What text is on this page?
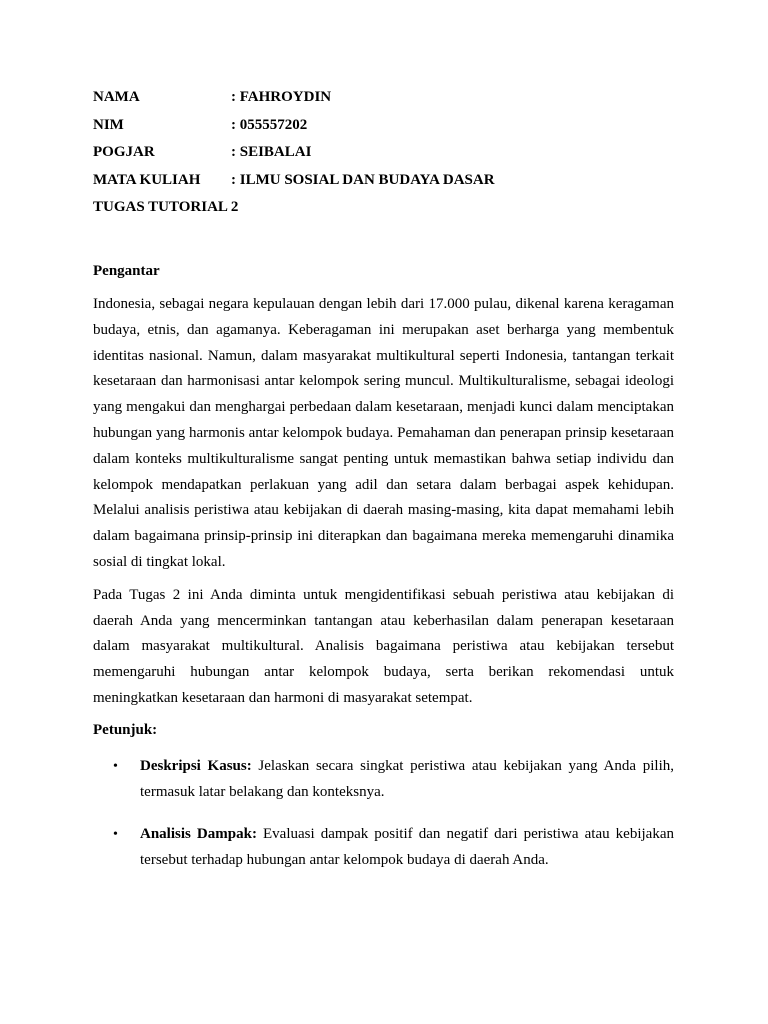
NAMA	: FAHROYDIN
NIM	: 055557202
POGJAR	: SEIBALAI
MATA KULIAH : ILMU SOSIAL DAN BUDAYA DASAR
TUGAS TUTORIAL 2
Pengantar

Indonesia, sebagai negara kepulauan dengan lebih dari 17.000 pulau, dikenal karena keragaman budaya, etnis, dan agamanya. Keberagaman ini merupakan aset berharga yang membentuk identitas nasional. Namun, dalam masyarakat multikultural seperti Indonesia, tantangan terkait kesetaraan dan harmonisasi antar kelompok sering muncul. Multikulturalisme, sebagai ideologi yang mengakui dan menghargai perbedaan dalam kesetaraan, menjadi kunci dalam menciptakan hubungan yang harmonis antar kelompok budaya. Pemahaman dan penerapan prinsip kesetaraan dalam konteks multikulturalisme sangat penting untuk memastikan bahwa setiap individu dan kelompok mendapatkan perlakuan yang adil dan setara dalam berbagai aspek kehidupan. Melalui analisis peristiwa atau kebijakan di daerah masing-masing, kita dapat memahami lebih dalam bagaimana prinsip-prinsip ini diterapkan dan bagaimana mereka memengaruhi dinamika sosial di tingkat lokal.

Pada Tugas 2 ini Anda diminta untuk mengidentifikasi sebuah peristiwa atau kebijakan di daerah Anda yang mencerminkan tantangan atau keberhasilan dalam penerapan kesetaraan dalam masyarakat multikultural. Analisis bagaimana peristiwa atau kebijakan tersebut memengaruhi hubungan antar kelompok budaya, serta berikan rekomendasi untuk meningkatkan kesetaraan dan harmoni di masyarakat setempat.

Petunjuk:
• Deskripsi Kasus: Jelaskan secara singkat peristiwa atau kebijakan yang Anda pilih, termasuk latar belakang dan konteksnya.
• Analisis Dampak: Evaluasi dampak positif dan negatif dari peristiwa atau kebijakan tersebut terhadap hubungan antar kelompok budaya di daerah Anda.
